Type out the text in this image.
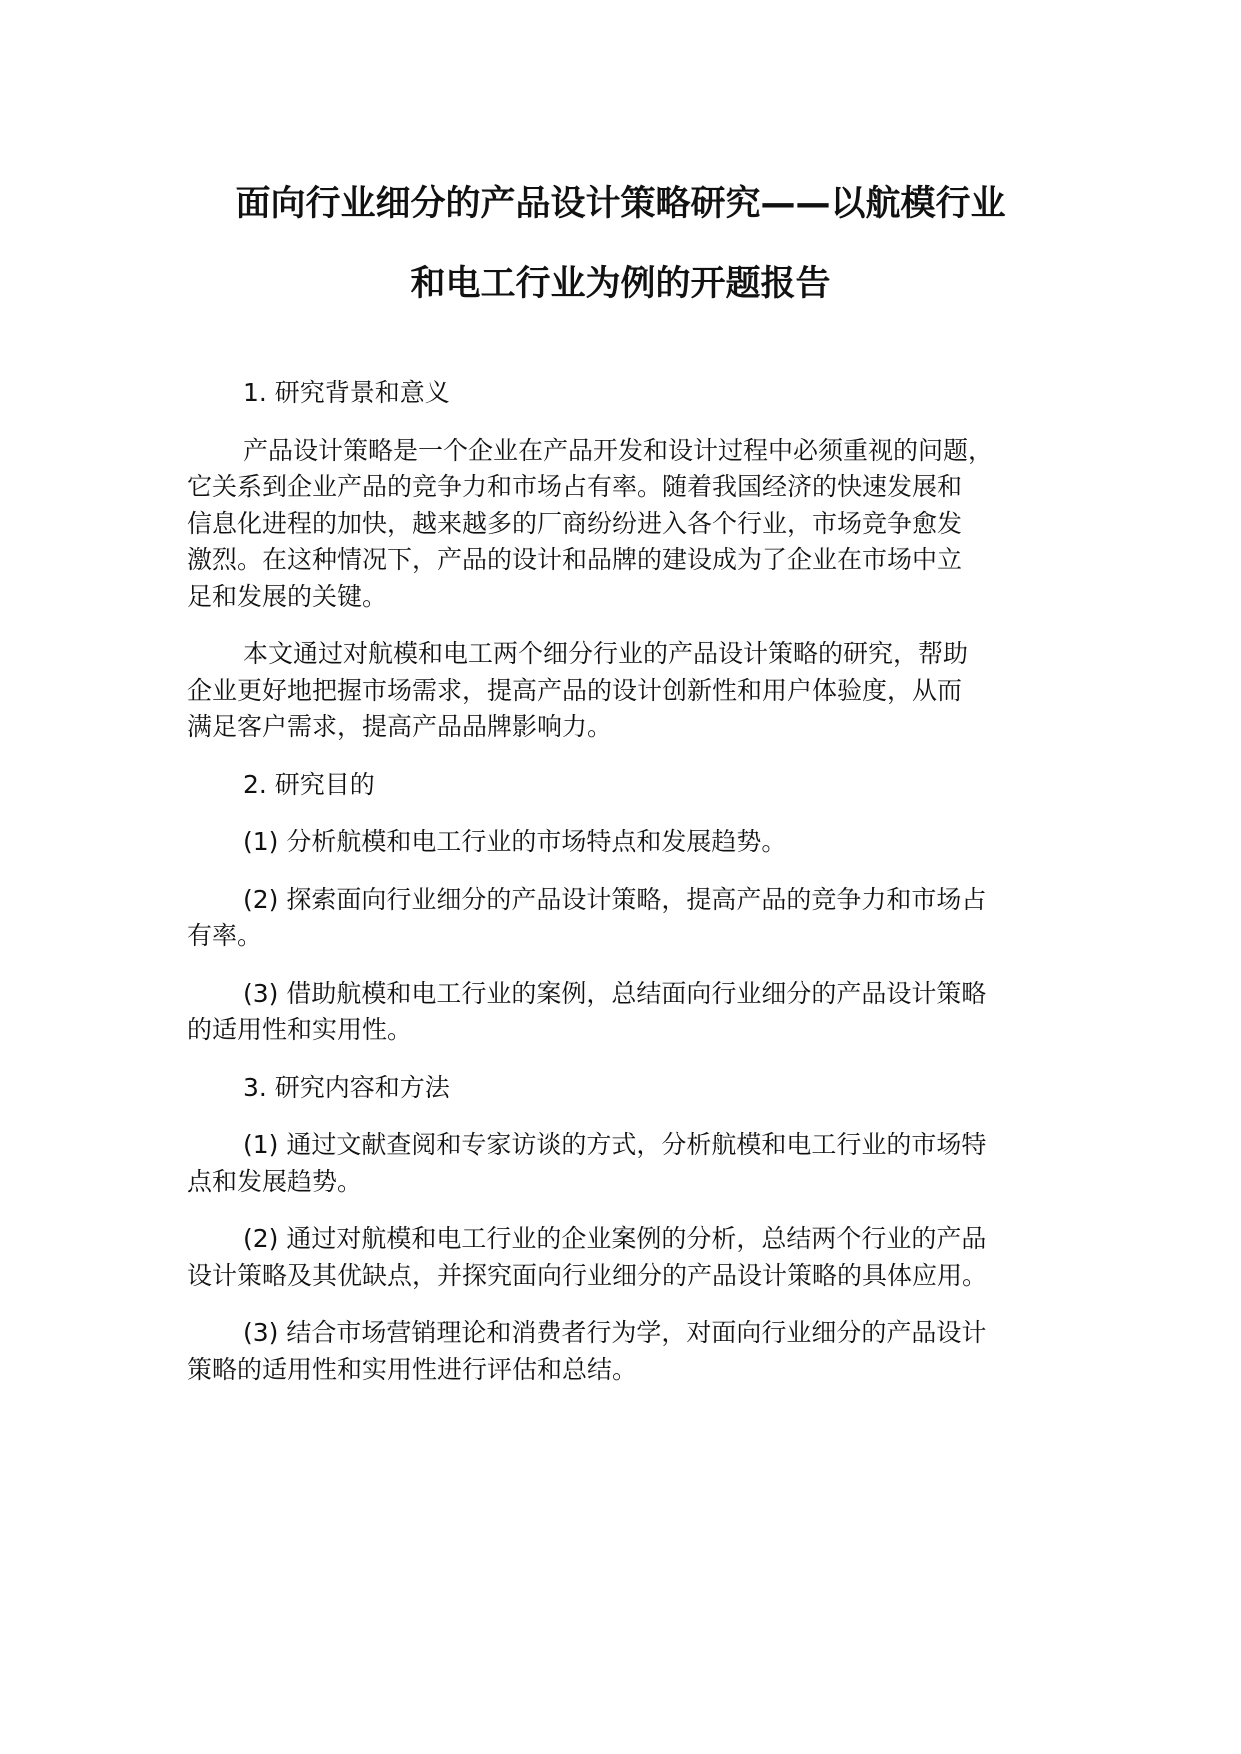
面向行业细分的产品设计策略研究——以航模行业
和电工行业为例的开题报告

1. 研究背景和意义

产品设计策略是一个企业在产品开发和设计过程中必须重视的问题，
它关系到企业产品的竞争力和市场占有率。随着我国经济的快速发展和
信息化进程的加快，越来越多的厂商纷纷进入各个行业，市场竞争愈发
激烈。在这种情况下，产品的设计和品牌的建设成为了企业在市场中立
足和发展的关键。

本文通过对航模和电工两个细分行业的产品设计策略的研究，帮助
企业更好地把握市场需求，提高产品的设计创新性和用户体验度，从而
满足客户需求，提高产品品牌影响力。

2. 研究目的

(1) 分析航模和电工行业的市场特点和发展趋势。

(2) 探索面向行业细分的产品设计策略，提高产品的竞争力和市场占
有率。

(3) 借助航模和电工行业的案例，总结面向行业细分的产品设计策略
的适用性和实用性。

3. 研究内容和方法

(1) 通过文献查阅和专家访谈的方式，分析航模和电工行业的市场特
点和发展趋势。

(2) 通过对航模和电工行业的企业案例的分析，总结两个行业的产品
设计策略及其优缺点，并探究面向行业细分的产品设计策略的具体应用。

(3) 结合市场营销理论和消费者行为学，对面向行业细分的产品设计
策略的适用性和实用性进行评估和总结。
